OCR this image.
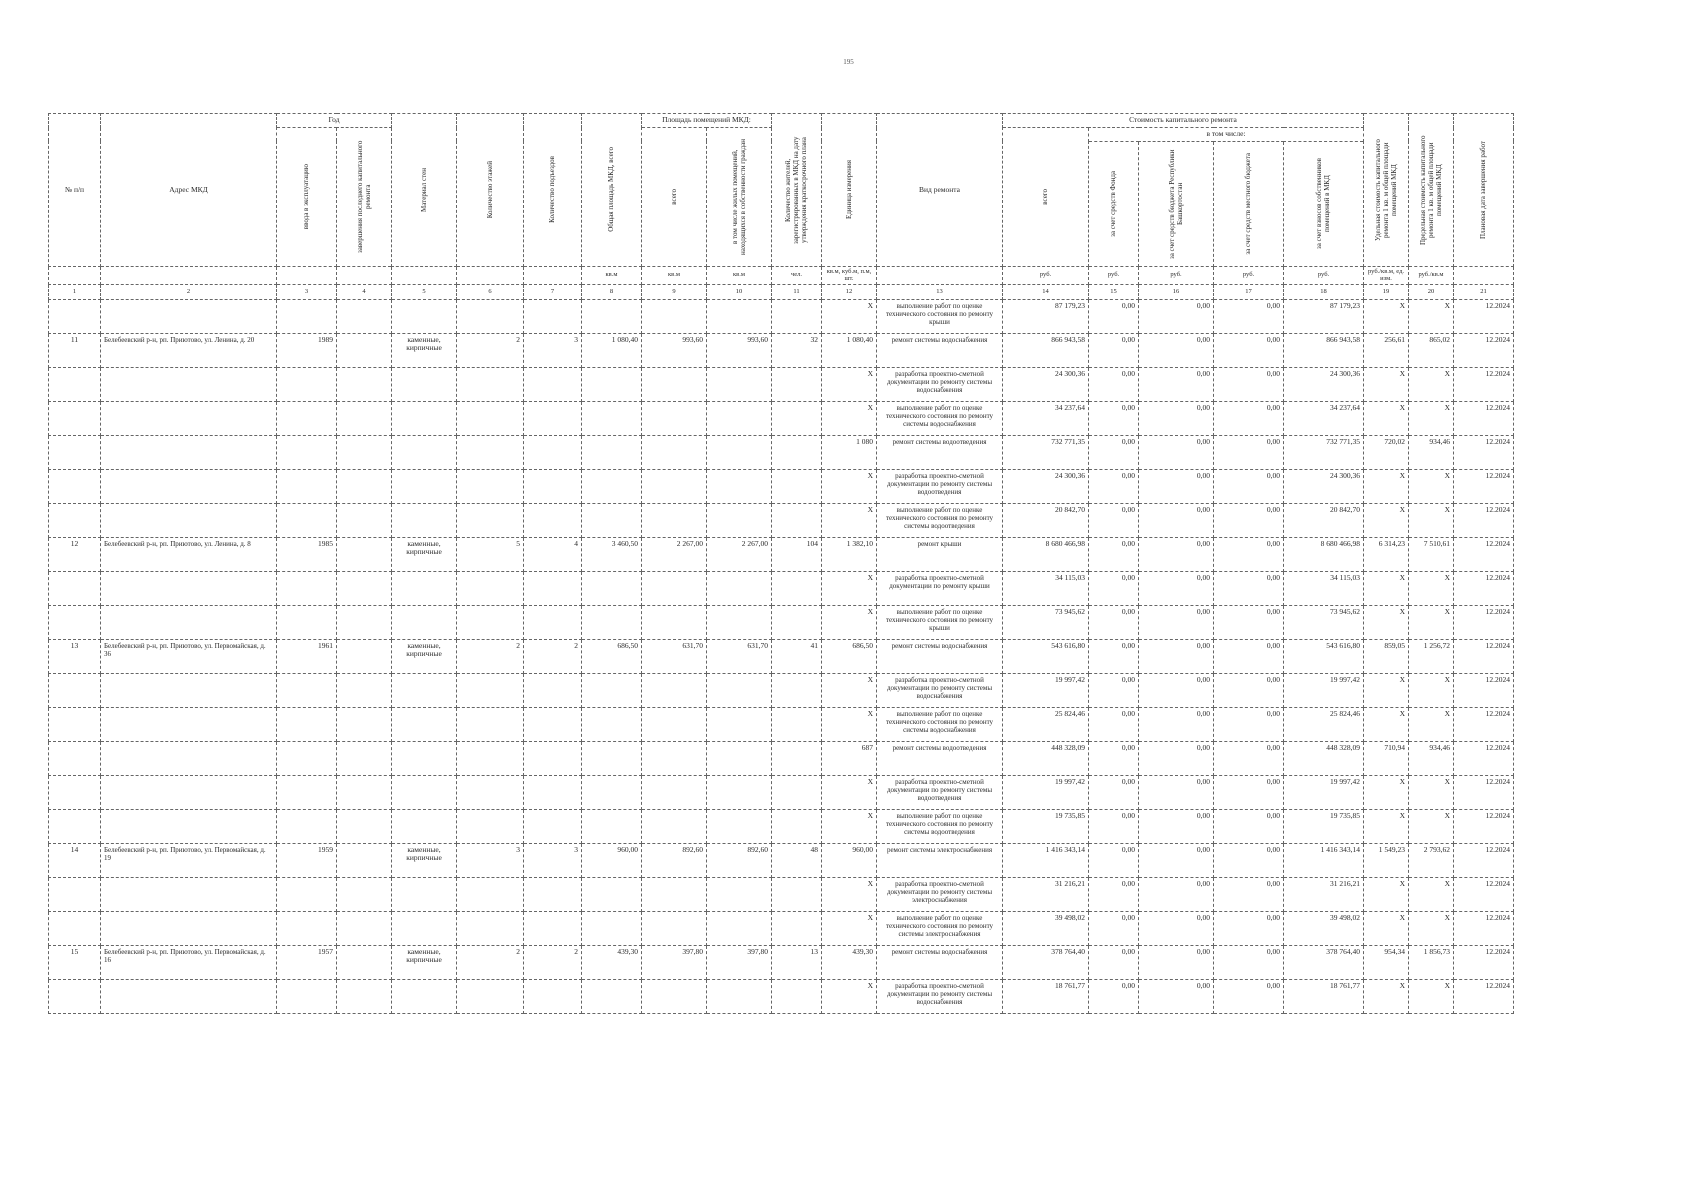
195
№ п/п	Адрес МКД	Год		Материал стен	Количество этажей	Количество подъездов	Общая площадь МКД, всего	Площадь помещений МКД:		Количество жителей, зарегистрированных в МКД на дату утверждения краткосрочного плана	Единица измерения	Вид ремонта	Стоимость капитального ремонта					Удельная стоимость капитального ремонта 1 кв. м общей площади помещений МКД	Предельная стоимость капитального ремонта 1 кв. м общей площади помещений МКД	Плановая дата завершения работ

		ввода в эксплуатацию	завершения последнего капитального ремонта					всего	в том числе жилых помещений, находящихся в собственности граждан				всего	в том числе:						

														за счет средств Фонда	за счет средств бюджета Республики Башкортостан	за счет средств местного бюджета	за счет взносов собственников помещений в МКД			

							кв.м	кв.м	кв.м	чел.	кв.м, куб.м, п.м, шт.		руб.	руб.	руб.	руб.	руб.	руб./кв.м, ед. изм.	руб./кв.м	
1	2	3	4	5	6	7	8	9	10	11	12	13	14	15	16	17	18	19	20	21
											X	выполнение работ по оценке технического состояния по ремонту крыши	87 179,23	0,00	0,00	0,00	87 179,23	X	X	12.2024
11	Белебеевский р-н, рп. Приютово, ул. Ленина, д. 20	1989		каменные, кирпичные	2	3	1 080,40	993,60	993,60	32	1 080,40	ремонт системы водоснабжения	866 943,58	0,00	0,00	0,00	866 943,58	256,61	865,02	12.2024
											X	разработка проектно-сметной документации по ремонту системы водоснабжения	24 300,36	0,00	0,00	0,00	24 300,36	X	X	12.2024
											X	выполнение работ по оценке технического состояния по ремонту системы водоснабжения	34 237,64	0,00	0,00	0,00	34 237,64	X	X	12.2024
											1 080	ремонт системы водоотведения	732 771,35	0,00	0,00	0,00	732 771,35	720,02	934,46	12.2024
											X	разработка проектно-сметной документации по ремонту системы водоотведения	24 300,36	0,00	0,00	0,00	24 300,36	X	X	12.2024
											X	выполнение работ по оценке технического состояния по ремонту системы водоотведения	20 842,70	0,00	0,00	0,00	20 842,70	X	X	12.2024
12	Белебеевский р-н, рп. Приютово, ул. Ленина, д. 8	1985		каменные, кирпичные	5	4	3 460,50	2 267,00	2 267,00	104	1 382,10	ремонт крыши	8 680 466,98	0,00	0,00	0,00	8 680 466,98	6 314,23	7 510,61	12.2024
											X	разработка проектно-сметной документации по ремонту крыши	34 115,03	0,00	0,00	0,00	34 115,03	X	X	12.2024
											X	выполнение работ по оценке технического состояния по ремонту крыши	73 945,62	0,00	0,00	0,00	73 945,62	X	X	12.2024
13	Белебеевский р-н, рп. Приютово, ул. Первомайская, д. 36	1961		каменные, кирпичные	2	2	686,50	631,70	631,70	41	686,50	ремонт системы водоснабжения	543 616,80	0,00	0,00	0,00	543 616,80	859,05	1 256,72	12.2024
											X	разработка проектно-сметной документации по ремонту системы водоснабжения	19 997,42	0,00	0,00	0,00	19 997,42	X	X	12.2024
											X	выполнение работ по оценке технического состояния по ремонту системы водоснабжения	25 824,46	0,00	0,00	0,00	25 824,46	X	X	12.2024
											687	ремонт системы водоотведения	448 328,09	0,00	0,00	0,00	448 328,09	710,94	934,46	12.2024
											X	разработка проектно-сметной документации по ремонту системы водоотведения	19 997,42	0,00	0,00	0,00	19 997,42	X	X	12.2024
											X	выполнение работ по оценке технического состояния по ремонту системы водоотведения	19 735,85	0,00	0,00	0,00	19 735,85	X	X	12.2024
14	Белебеевский р-н, рп. Приютово, ул. Первомайская, д. 19	1959		каменные, кирпичные	3	3	960,00	892,60	892,60	48	960,00	ремонт системы электроснабжения	1 416 343,14	0,00	0,00	0,00	1 416 343,14	1 549,23	2 793,62	12.2024
											X	разработка проектно-сметной документации по ремонту системы электроснабжения	31 216,21	0,00	0,00	0,00	31 216,21	X	X	12.2024
											X	выполнение работ по оценке технического состояния по ремонту системы электроснабжения	39 498,02	0,00	0,00	0,00	39 498,02	X	X	12.2024
15	Белебеевский р-н, рп. Приютово, ул. Первомайская, д. 16	1957		каменные, кирпичные	2	2	439,30	397,80	397,80	13	439,30	ремонт системы водоснабжения	378 764,40	0,00	0,00	0,00	378 764,40	954,34	1 856,73	12.2024
											X	разработка проектно-сметной документации по ремонту системы водоснабжения	18 761,77	0,00	0,00	0,00	18 761,77	X	X	12.2024
